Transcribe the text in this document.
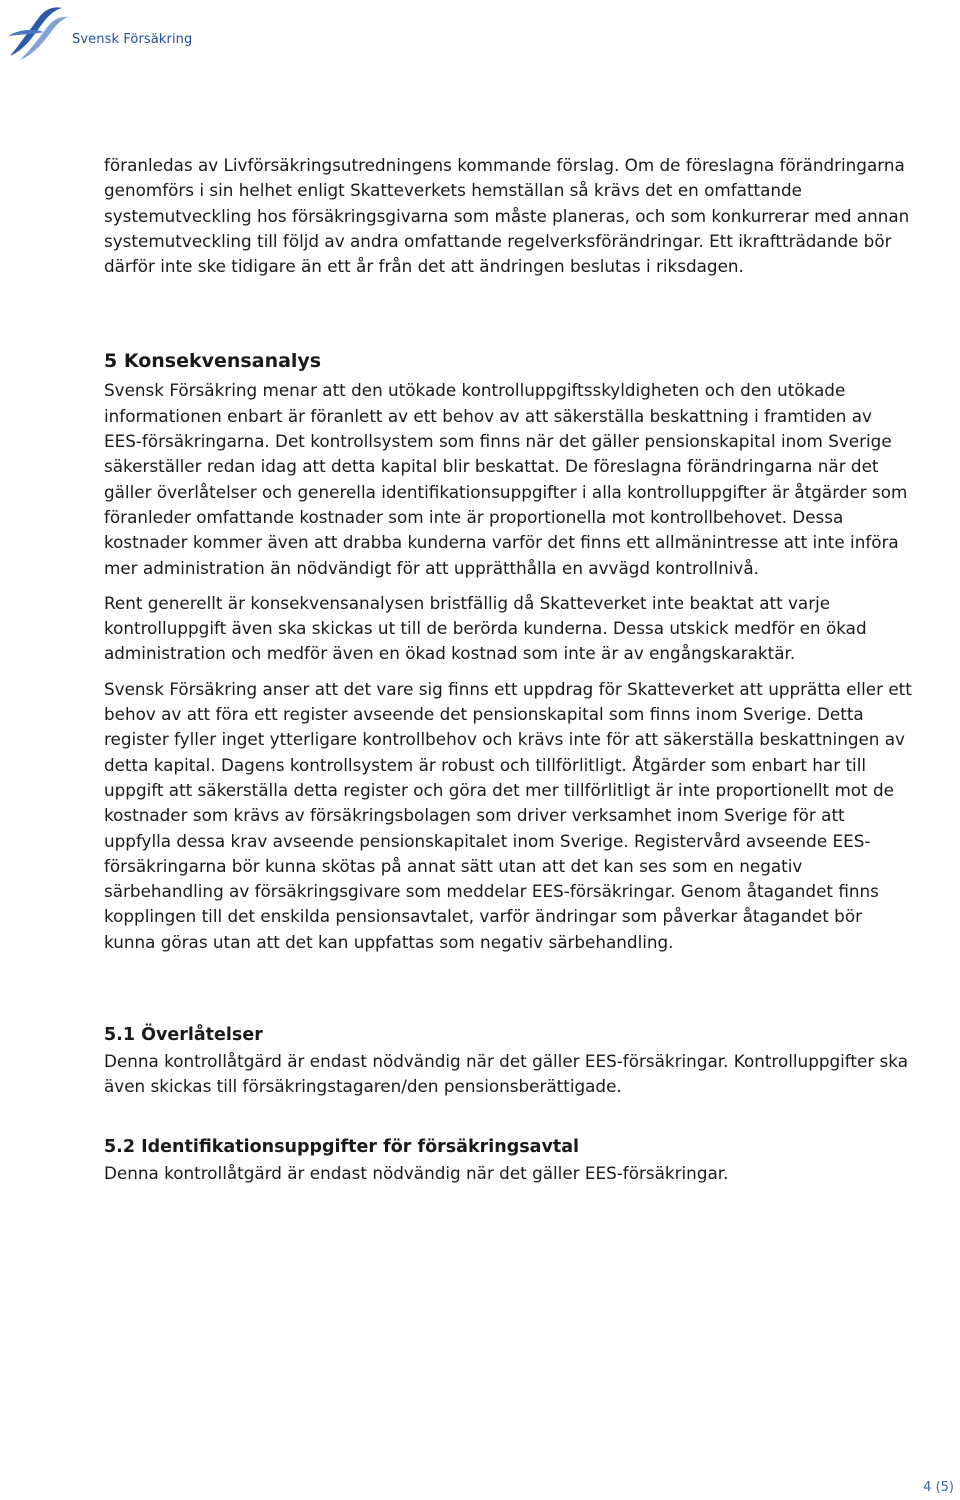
Svensk Försäkring

föranledas av Livförsäkringsutredningens kommande förslag. Om de föreslagna förändringarna genomförs i sin helhet enligt Skatteverkets hemställan så krävs det en omfattande systemutveckling hos försäkringsgivarna som måste planeras, och som konkurrerar med annan systemutveckling till följd av andra omfattande regelverksförändringar. Ett ikraftträdande bör därför inte ske tidigare än ett år från det att ändringen beslutas i riksdagen.

5 Konsekvensanalys

Svensk Försäkring menar att den utökade kontrolluppgiftsskyldigheten och den utökade informationen enbart är föranlett av ett behov av att säkerställa beskattning i framtiden av EES-försäkringarna. Det kontrollsystem som finns när det gäller pensionskapital inom Sverige säkerställer redan idag att detta kapital blir beskattat. De föreslagna förändringarna när det gäller överlåtelser och generella identifikationsuppgifter i alla kontrolluppgifter är åtgärder som föranleder omfattande kostnader som inte är proportionella mot kontrollbehovet. Dessa kostnader kommer även att drabba kunderna varför det finns ett allmänintresse att inte införa mer administration än nödvändigt för att upprätthålla en avvägd kontrollnivå.

Rent generellt är konsekvensanalysen bristfällig då Skatteverket inte beaktat att varje kontrolluppgift även ska skickas ut till de berörda kunderna. Dessa utskick medför en ökad administration och medför även en ökad kostnad som inte är av engångskaraktär.

Svensk Försäkring anser att det vare sig finns ett uppdrag för Skatteverket att upprätta eller ett behov av att föra ett register avseende det pensionskapital som finns inom Sverige. Detta register fyller inget ytterligare kontrollbehov och krävs inte för att säkerställa beskattningen av detta kapital. Dagens kontrollsystem är robust och tillförlitligt. Åtgärder som enbart har till uppgift att säkerställa detta register och göra det mer tillförlitligt är inte proportionellt mot de kostnader som krävs av försäkringsbolagen som driver verksamhet inom Sverige för att uppfylla dessa krav avseende pensionskapitalet inom Sverige. Registervård avseende EES-försäkringarna bör kunna skötas på annat sätt utan att det kan ses som en negativ särbehandling av försäkringsgivare som meddelar EES-försäkringar. Genom åtagandet finns kopplingen till det enskilda pensionsavtalet, varför ändringar som påverkar åtagandet bör kunna göras utan att det kan uppfattas som negativ särbehandling.

5.1 Överlåtelser

Denna kontrollåtgärd är endast nödvändig när det gäller EES-försäkringar. Kontrolluppgifter ska även skickas till försäkringstagaren/den pensionsberättigade.

5.2 Identifikationsuppgifter för försäkringsavtal

Denna kontrollåtgärd är endast nödvändig när det gäller EES-försäkringar.

4 (5)
